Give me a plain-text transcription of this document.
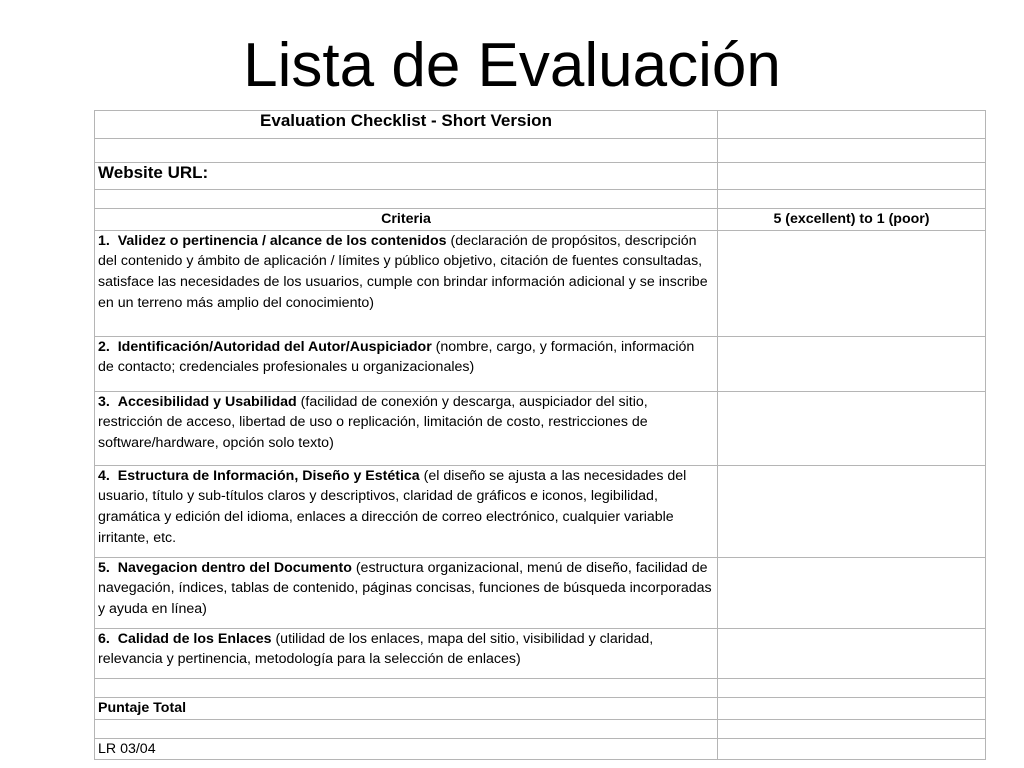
Lista de Evaluación
Evaluation Checklist - Short Version	

Website URL:	

Criteria	5 (excellent) to 1 (poor)
1. Validez o pertinencia / alcance de los contenidos (declaración de propósitos, descripción del contenido y ámbito de aplicación / límites y público objetivo, citación de fuentes consultadas, satisface las necesidades de los usuarios, cumple con brindar información adicional y se inscribe en un terreno más amplio del conocimiento)	
2. Identificación/Autoridad del Autor/Auspiciador (nombre, cargo, y formación, información de contacto; credenciales profesionales u organizacionales)	
3. Accesibilidad y Usabilidad (facilidad de conexión y descarga, auspiciador del sitio, restricción de acceso, libertad de uso o replicación, limitación de costo, restricciones de software/hardware, opción solo texto)	
4. Estructura de Información, Diseño y Estética (el diseño se ajusta a las necesidades del usuario, título y sub-títulos claros y descriptivos, claridad de gráficos e iconos, legibilidad, gramática y edición del idioma, enlaces a dirección de correo electrónico, cualquier variable irritante, etc.	
5. Navegacion dentro del Documento (estructura organizacional, menú de diseño, facilidad de navegación, índices, tablas de contenido, páginas concisas, funciones de búsqueda incorporadas y ayuda en línea)	
6. Calidad de los Enlaces (utilidad de los enlaces, mapa del sitio, visibilidad y claridad, relevancia y pertinencia, metodología para la selección de enlaces)	

Puntaje Total	

LR 03/04	
